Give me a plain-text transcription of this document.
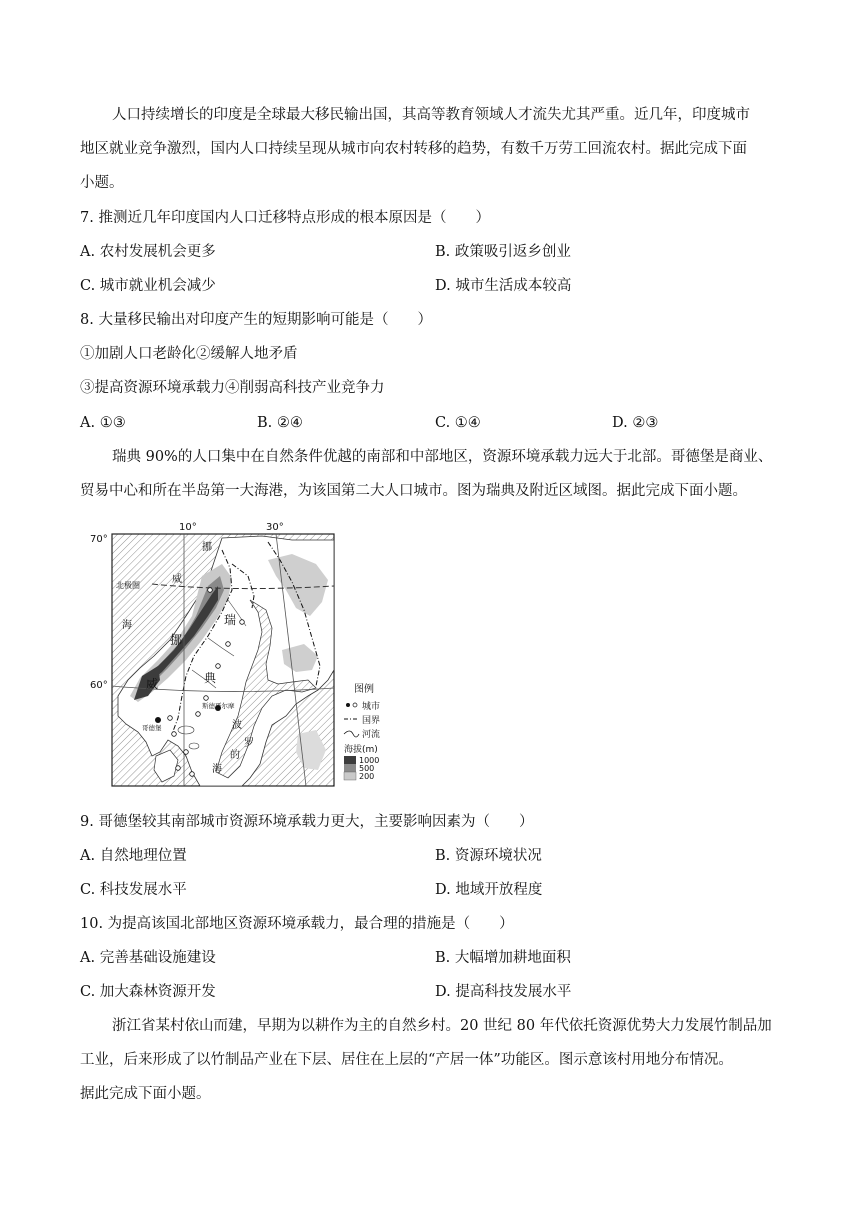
人口持续增长的印度是全球最大移民输出国，其高等教育领域人才流失尤其严重。近几年，印度城市
地区就业竞争激烈，国内人口持续呈现从城市向农村转移的趋势，有数千万劳工回流农村。据此完成下面
小题。
7. 推测近几年印度国内人口迁移特点形成的根本原因是（　　）
A. 农村发展机会更多	B. 政策吸引返乡创业
C. 城市就业机会减少	D. 城市生活成本较高
8. 大量移民输出对印度产生的短期影响可能是（　　）
①加剧人口老龄化②缓解人地矛盾
③提高资源环境承载力④削弱高科技产业竞争力
A. ①③	B. ②④	C. ①④	D. ②③
瑞典 90%的人口集中在自然条件优越的南部和中部地区，资源环境承载力远大于北部。哥德堡是商业、
贸易中心和所在半岛第一大海港，为该国第二大人口城市。图为瑞典及附近区域图。据此完成下面小题。
10°	30°
70°
60°
北极圈
挪
威
海
挪
威
瑞
典
波
罗
的
海
斯德哥尔摩
哥德堡
图例
城市
国界
河流
海拔(m)
1000
500
200
9. 哥德堡较其南部城市资源环境承载力更大，主要影响因素为（　　）
A. 自然地理位置	B. 资源环境状况
C. 科技发展水平	D. 地域开放程度
10. 为提高该国北部地区资源环境承载力，最合理的措施是（　　）
A. 完善基础设施建设	B. 大幅增加耕地面积
C. 加大森林资源开发	D. 提高科技发展水平
浙江省某村依山而建，早期为以耕作为主的自然乡村。20 世纪 80 年代依托资源优势大力发展竹制品加
工业，后来形成了以竹制品产业在下层、居住在上层的“产居一体”功能区。图示意该村用地分布情况。
据此完成下面小题。
